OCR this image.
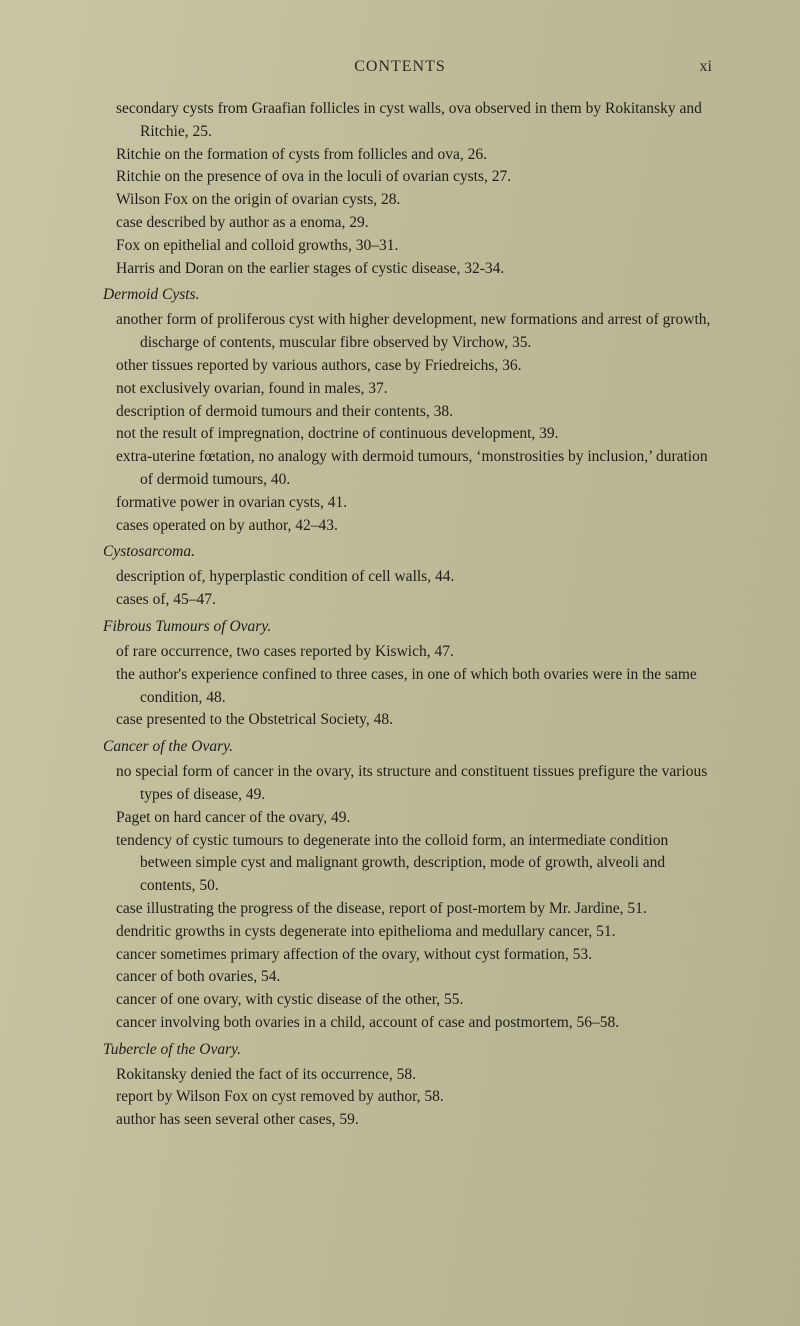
CONTENTS	xi
secondary cysts from Graafian follicles in cyst walls, ova observed in them by Rokitansky and Ritchie, 25.
Ritchie on the formation of cysts from follicles and ova, 26.
Ritchie on the presence of ova in the loculi of ovarian cysts, 27.
Wilson Fox on the origin of ovarian cysts, 28.
case described by author as a enoma, 29.
Fox on epithelial and colloid growths, 30–31.
Harris and Doran on the earlier stages of cystic disease, 32-34.
Dermoid Cysts.
another form of proliferous cyst with higher development, new formations and arrest of growth, discharge of contents, muscular fibre observed by Virchow, 35.
other tissues reported by various authors, case by Friedreichs, 36.
not exclusively ovarian, found in males, 37.
description of dermoid tumours and their contents, 38.
not the result of impregnation, doctrine of continuous development, 39.
extra-uterine fœtation, no analogy with dermoid tumours, ‘monstrosities by inclusion,’ duration of dermoid tumours, 40.
formative power in ovarian cysts, 41.
cases operated on by author, 42–43.
Cystosarcoma.
description of, hyperplastic condition of cell walls, 44.
cases of, 45–47.
Fibrous Tumours of Ovary.
of rare occurrence, two cases reported by Kiswich, 47.
the author's experience confined to three cases, in one of which both ovaries were in the same condition, 48.
case presented to the Obstetrical Society, 48.
Cancer of the Ovary.
no special form of cancer in the ovary, its structure and constituent tissues prefigure the various types of disease, 49.
Paget on hard cancer of the ovary, 49.
tendency of cystic tumours to degenerate into the colloid form, an intermediate condition between simple cyst and malignant growth, description, mode of growth, alveoli and contents, 50.
case illustrating the progress of the disease, report of post-mortem by Mr. Jardine, 51.
dendritic growths in cysts degenerate into epithelioma and medullary cancer, 51.
cancer sometimes primary affection of the ovary, without cyst formation, 53.
cancer of both ovaries, 54.
cancer of one ovary, with cystic disease of the other, 55.
cancer involving both ovaries in a child, account of case and postmortem, 56–58.
Tubercle of the Ovary.
Rokitansky denied the fact of its occurrence, 58.
report by Wilson Fox on cyst removed by author, 58.
author has seen several other cases, 59.
